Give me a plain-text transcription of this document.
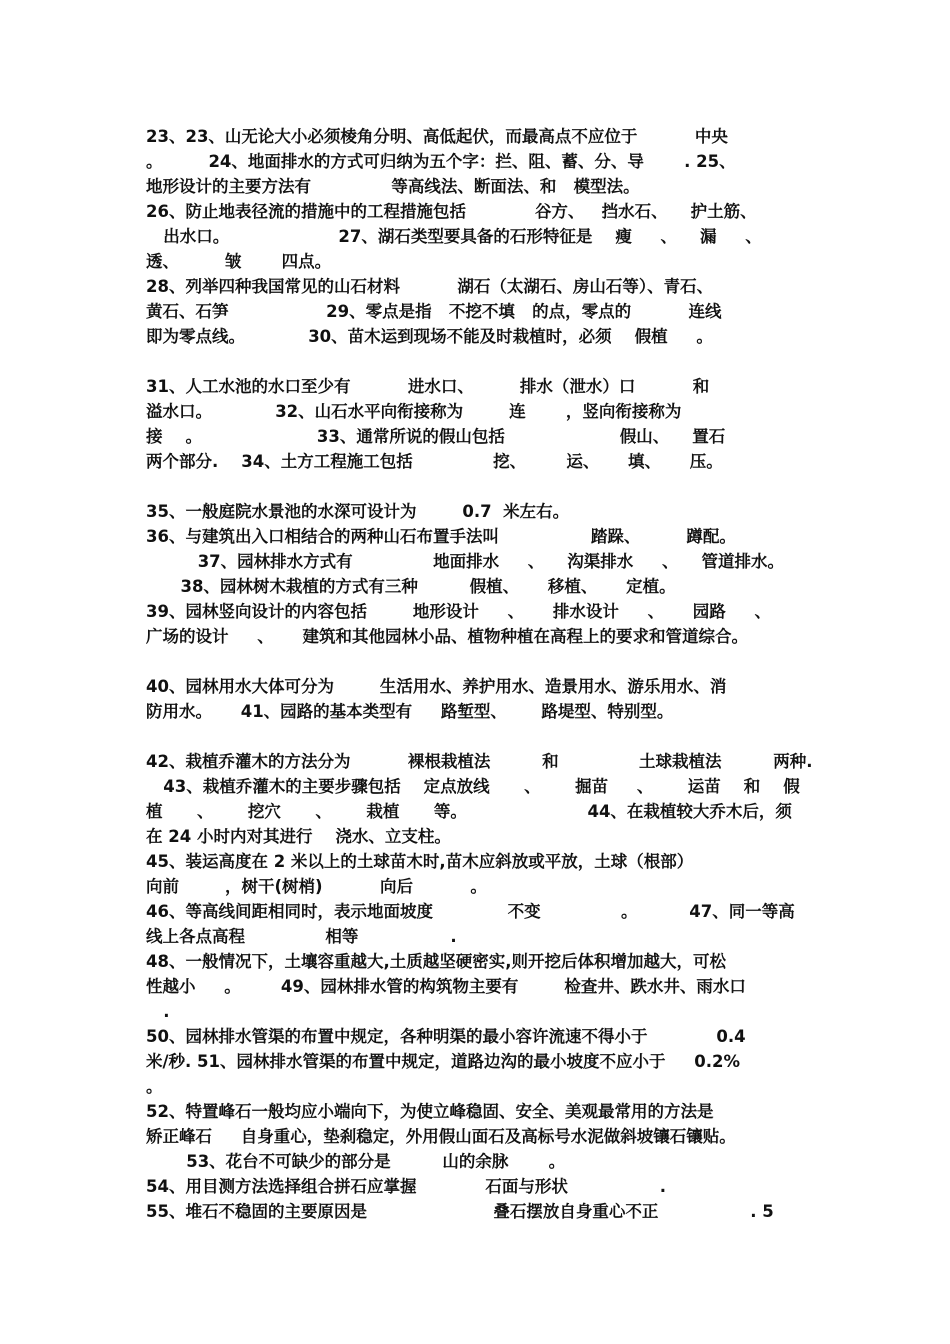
23、23、山无论大小必须棱角分明、高低起伏，而最高点不应位于          中央
。        24、地面排水的方式可归纳为五个字：拦、阻、蓄、分、导       . 25、
地形设计的主要方法有              等高线法、断面法、和   模型法。
26、防止地表径流的措施中的工程措施包括            谷方、   挡水石、    护土筋、
出水口。                   27、湖石类型要具备的石形特征是    瘦     、    漏     、
透、        皱       四点。
28、列举四种我国常见的山石材料          湖石（太湖石、房山石等）、青石、
黄石、石笋                 29、零点是指   不挖不填   的点，零点的          连线
即为零点线。           30、苗木运到现场不能及时栽植时，必须    假植     。
31、人工水池的水口至少有          进水口、        排水（泄水）口          和
溢水口。           32、山石水平向衔接称为        连       ，竖向衔接称为
接    。                    33、通常所说的假山包括                    假山、    置石
两个部分.    34、土方工程施工包括              挖、       运、     填、     压。
35、一般庭院水景池的水深可设计为        0.7  米左右。
36、与建筑出入口相结合的两种山石布置手法叫                踏跺、        蹲配。
37、园林排水方式有              地面排水     、    沟渠排水     、    管道排水。
38、园林树木栽植的方式有三种         假植、     移植、     定植。
39、园林竖向设计的内容包括        地形设计     、     排水设计     、     园路     、
广场的设计     、     建筑和其他园林小品、植物种植在高程上的要求和管道综合。
40、园林用水大体可分为        生活用水、养护用水、造景用水、游乐用水、消
防用水。     41、园路的基本类型有     路堑型、      路堤型、特别型。
42、栽植乔灌木的方法分为          裸根栽植法         和              土球栽植法         两种.
43、栽植乔灌木的主要步骤包括    定点放线      、      掘苗     、      运苗    和    假
植      、      挖穴      、      栽植      等。                     44、在栽植较大乔木后，须
在 24 小时内对其进行    浇水、立支柱。
45、装运高度在 2 米以上的土球苗木时,苗木应斜放或平放，土球（根部）
向前        ，树干(树梢)          向后          。
46、等高线间距相同时，表示地面坡度             不变              。         47、同一等高
线上各点高程              相等                .
48、一般情况下，土壤容重越大,土质越坚硬密实,则开挖后体积增加越大，可松
性越小     。       49、园林排水管的构筑物主要有        检查井、跌水井、雨水口
.
50、园林排水管渠的布置中规定，各种明渠的最小容许流速不得小于            0.4
米/秒. 51、园林排水管渠的布置中规定，道路边沟的最小坡度不应小于     0.2%
。
52、特置峰石一般均应小端向下，为使立峰稳固、安全、美观最常用的方法是
矫正峰石     自身重心，垫刹稳定，外用假山面石及高标号水泥做斜坡镶石镶贴。
53、花台不可缺少的部分是         山的余脉       。
54、用目测方法选择组合拼石应掌握            石面与形状                .
55、堆石不稳固的主要原因是                      叠石摆放自身重心不正                . 5
